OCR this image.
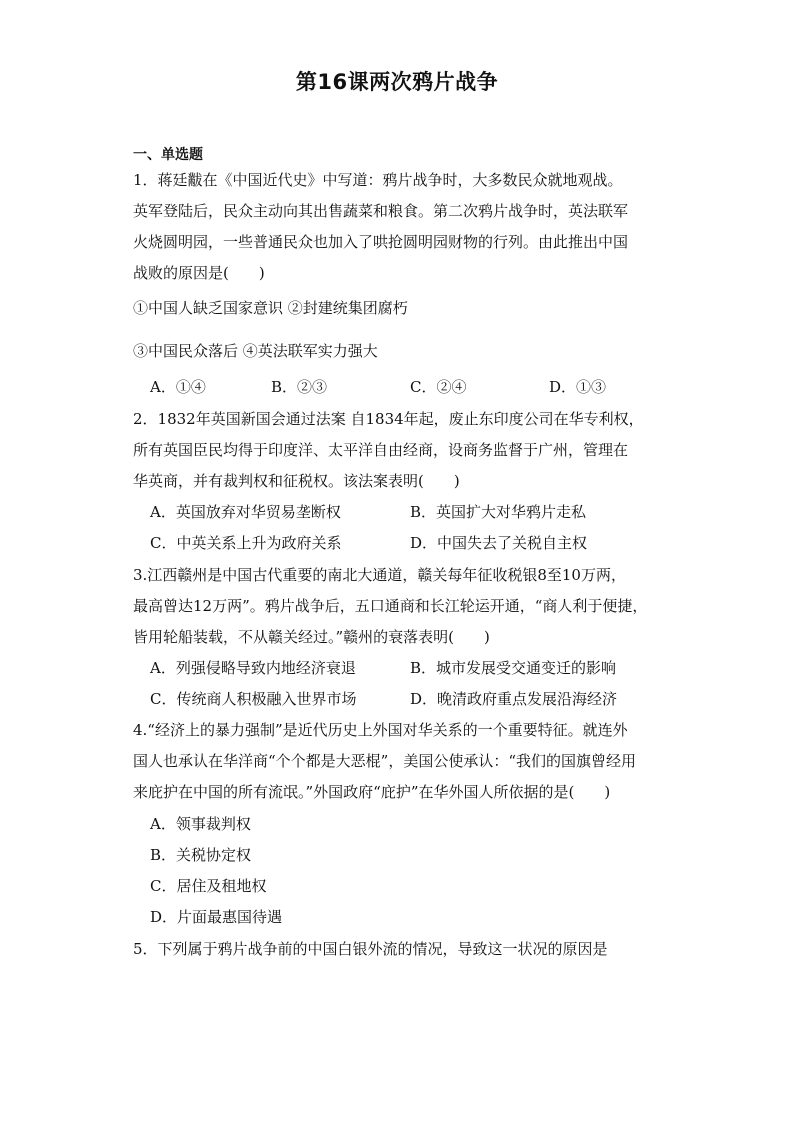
第16课两次鸦片战争
一、单选题
1．蒋廷黻在《中国近代史》中写道：鸦片战争时，大多数民众就地观战。
英军登陆后，民众主动向其出售蔬菜和粮食。第二次鸦片战争时，英法联军
火烧圆明园，一些普通民众也加入了哄抢圆明园财物的行列。由此推出中国
战败的原因是(　　)
①中国人缺乏国家意识 ②封建统集团腐朽
③中国民众落后 ④英法联军实力强大
A．①④	B．②③	C．②④	D．①③
2．1832年英国新国会通过法案 自1834年起，废止东印度公司在华专利权，
所有英国臣民均得于印度洋、太平洋自由经商，设商务监督于广州，管理在
华英商，并有裁判权和征税权。该法案表明(　　)
A．英国放弃对华贸易垄断权	B．英国扩大对华鸦片走私
C．中英关系上升为政府关系	D．中国失去了关税自主权
3.江西赣州是中国古代重要的南北大通道，赣关每年征收税银8至10万两，
最高曾达12万两”。鸦片战争后，五口通商和长江轮运开通，“商人利于便捷，
皆用轮船装载，不从赣关经过。”赣州的衰落表明(　　)
A．列强侵略导致内地经济衰退	B．城市发展受交通变迁的影响
C．传统商人积极融入世界市场	D．晚清政府重点发展沿海经济
4.“经济上的暴力强制”是近代历史上外国对华关系的一个重要特征。就连外
国人也承认在华洋商“个个都是大恶棍”，美国公使承认：“我们的国旗曾经用
来庇护在中国的所有流氓。”外国政府“庇护”在华外国人所依据的是(　　)
A．领事裁判权
B．关税协定权
C．居住及租地权
D．片面最惠国待遇
5．下列属于鸦片战争前的中国白银外流的情况，导致这一状况的原因是
